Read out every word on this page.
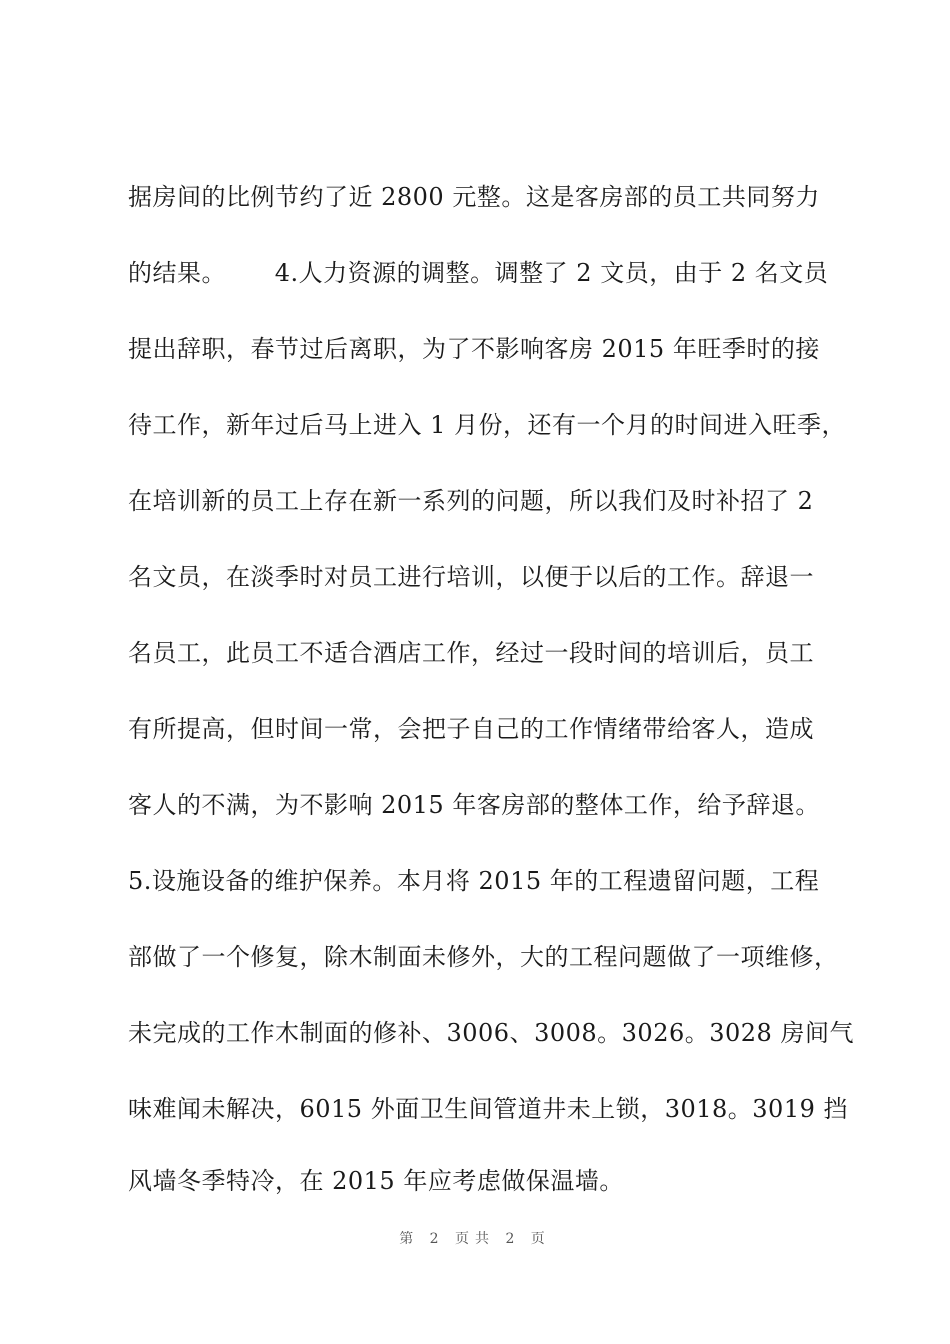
据房间的比例节约了近 2800 元整。这是客房部的员工共同努力
的结果。      4.人力资源的调整。调整了 2 文员，由于 2 名文员
提出辞职，春节过后离职，为了不影响客房 2015 年旺季时的接
待工作，新年过后马上进入 1 月份，还有一个月的时间进入旺季，
在培训新的员工上存在新一系列的问题，所以我们及时补招了 2
名文员，在淡季时对员工进行培训，以便于以后的工作。辞退一
名员工，此员工不适合酒店工作，经过一段时间的培训后，员工
有所提高，但时间一常，会把子自己的工作情绪带给客人，造成
客人的不满，为不影响 2015 年客房部的整体工作，给予辞退。
5.设施设备的维护保养。本月将 2015 年的工程遗留问题，工程
部做了一个修复，除木制面未修外，大的工程问题做了一项维修，
未完成的工作木制面的修补、3006、3008。3026。3028 房间气
味难闻未解决，6015 外面卫生间管道井未上锁，3018。3019 挡
风墙冬季特冷，在 2015 年应考虑做保温墙。
第 2 页共 2 页
